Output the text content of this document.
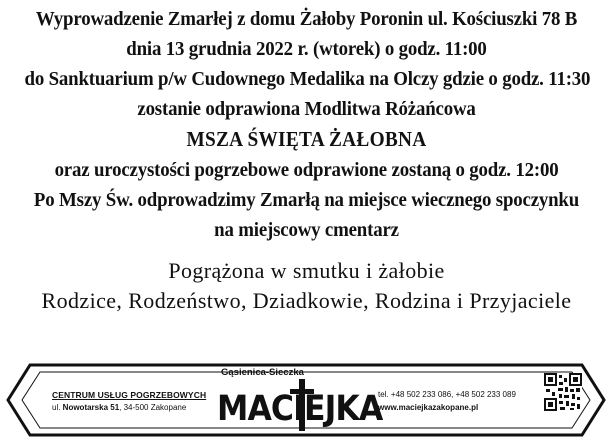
Wyprowadzenie Zmarłej z domu Żałoby Poronin ul. Kościuszki 78 B
dnia 13 grudnia 2022 r. (wtorek) o godz. 11:00
do Sanktuarium p/w Cudownego Medalika na Olczy gdzie o godz. 11:30
zostanie odprawiona Modlitwa Różańcowa
MSZA ŚWIĘTA ŻAŁOBNA
oraz uroczystości pogrzebowe odprawione zostaną o godz. 12:00
Po Mszy Św. odprowadzimy Zmarłą na miejsce wiecznego spoczynku
na miejscowy cmentarz
Pogrążona w smutku i żałobie
Rodzice, Rodzeństwo, Dziadkowie, Rodzina i Przyjaciele
CENTRUM USŁUG POGRZEBOWYCH
ul. Nowotarska 51, 34-500 Zakopane
Gąsienica-Sieczka
MACIEJKA
tel. +48 502 233 086, +48 502 233 089
www.maciejkazakopane.pl
